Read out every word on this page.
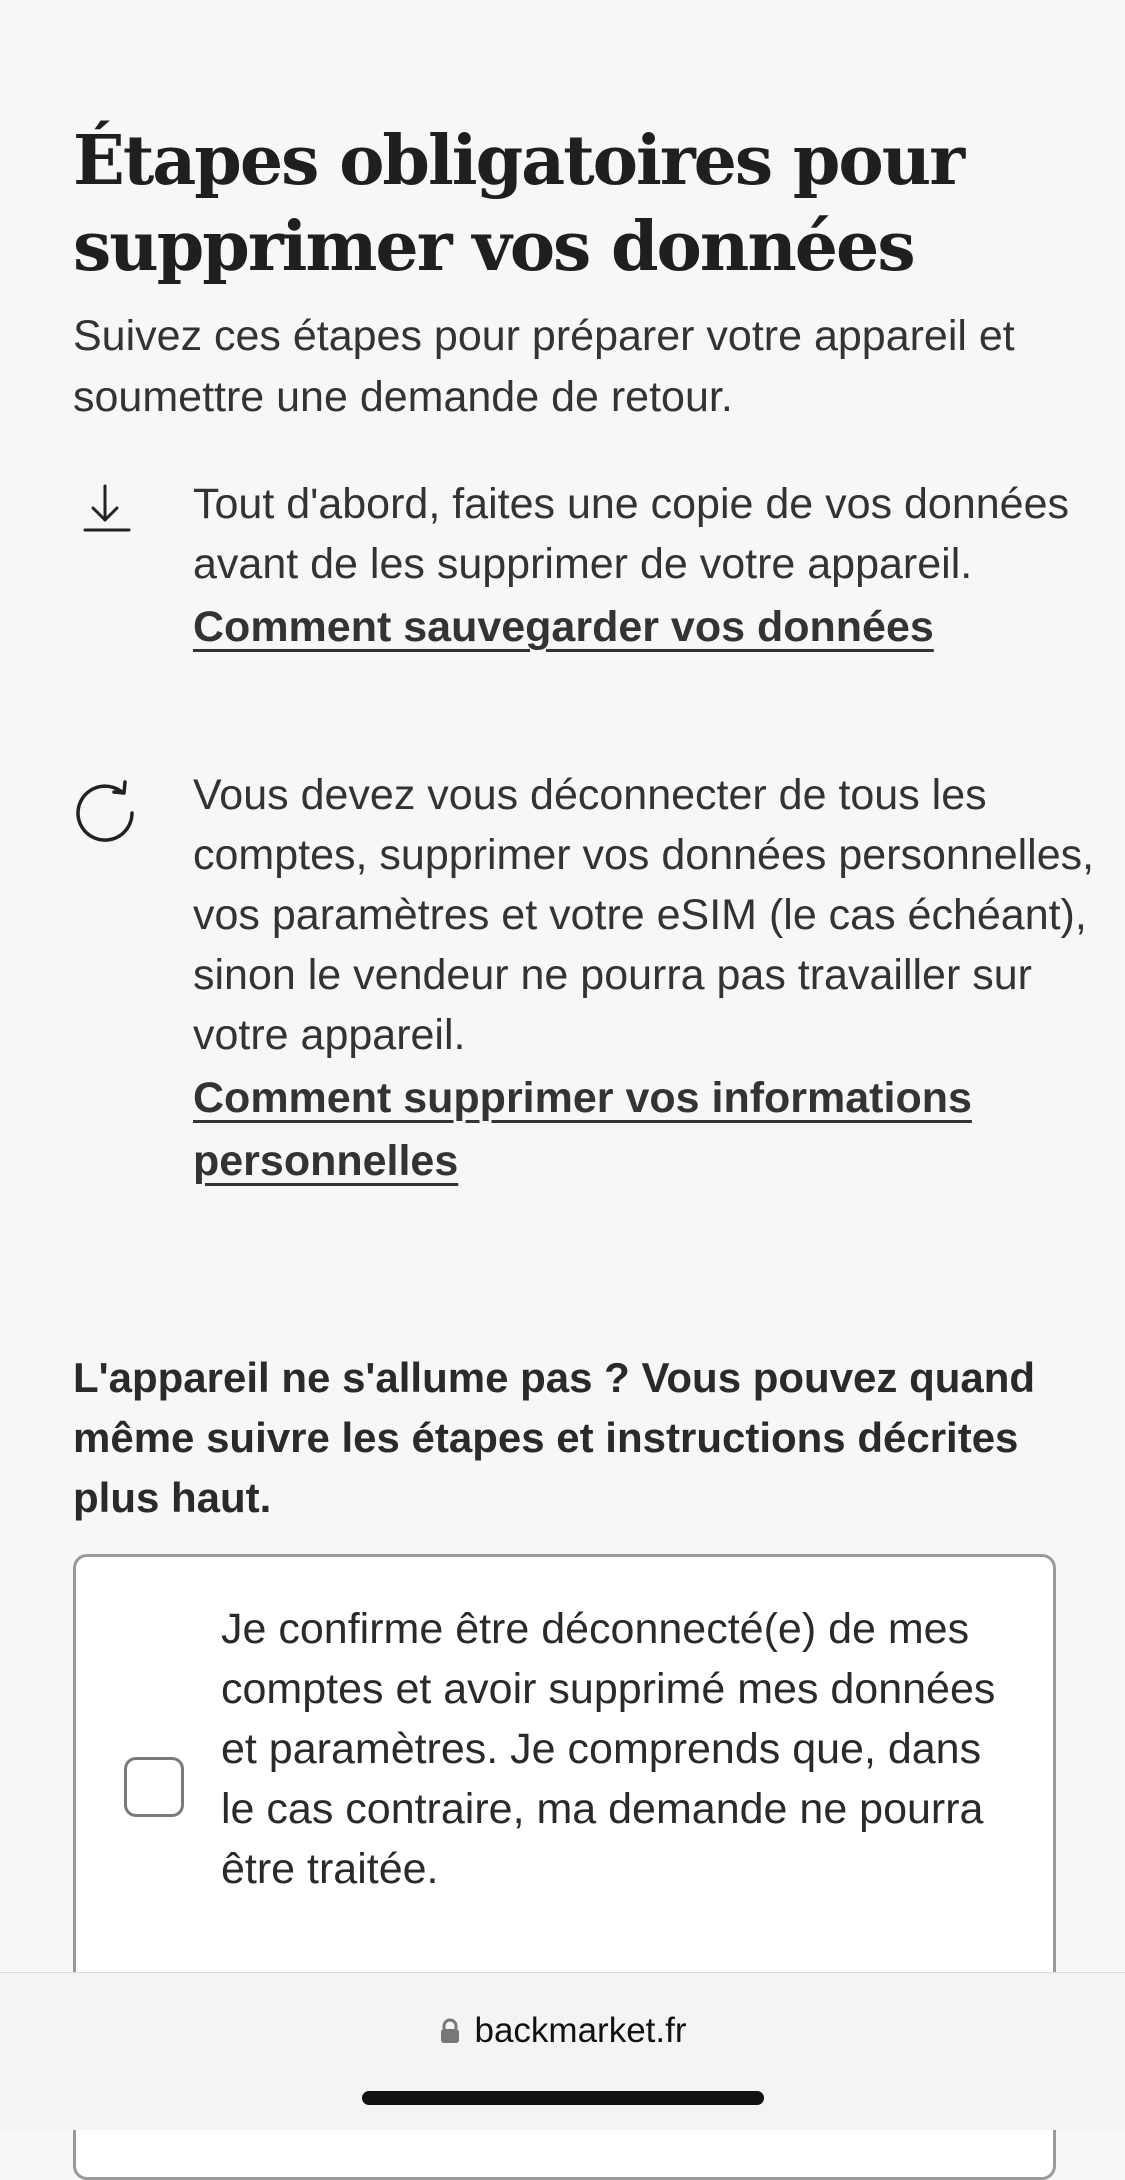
Étapes obligatoires pour supprimer vos données

Suivez ces étapes pour préparer votre appareil et soumettre une demande de retour.

Tout d'abord, faites une copie de vos données avant de les supprimer de votre appareil.
Comment sauvegarder vos données
Vous devez vous déconnecter de tous les comptes, supprimer vos données personnelles, vos paramètres et votre eSIM (le cas échéant), sinon le vendeur ne pourra pas travailler sur votre appareil.
Comment supprimer vos informations personnelles

L'appareil ne s'allume pas ? Vous pouvez quand même suivre les étapes et instructions décrites plus haut.

Je confirme être déconnecté(e) de mes comptes et avoir supprimé mes données et paramètres. Je comprends que, dans le cas contraire, ma demande ne pourra être traitée.
backmarket.fr
